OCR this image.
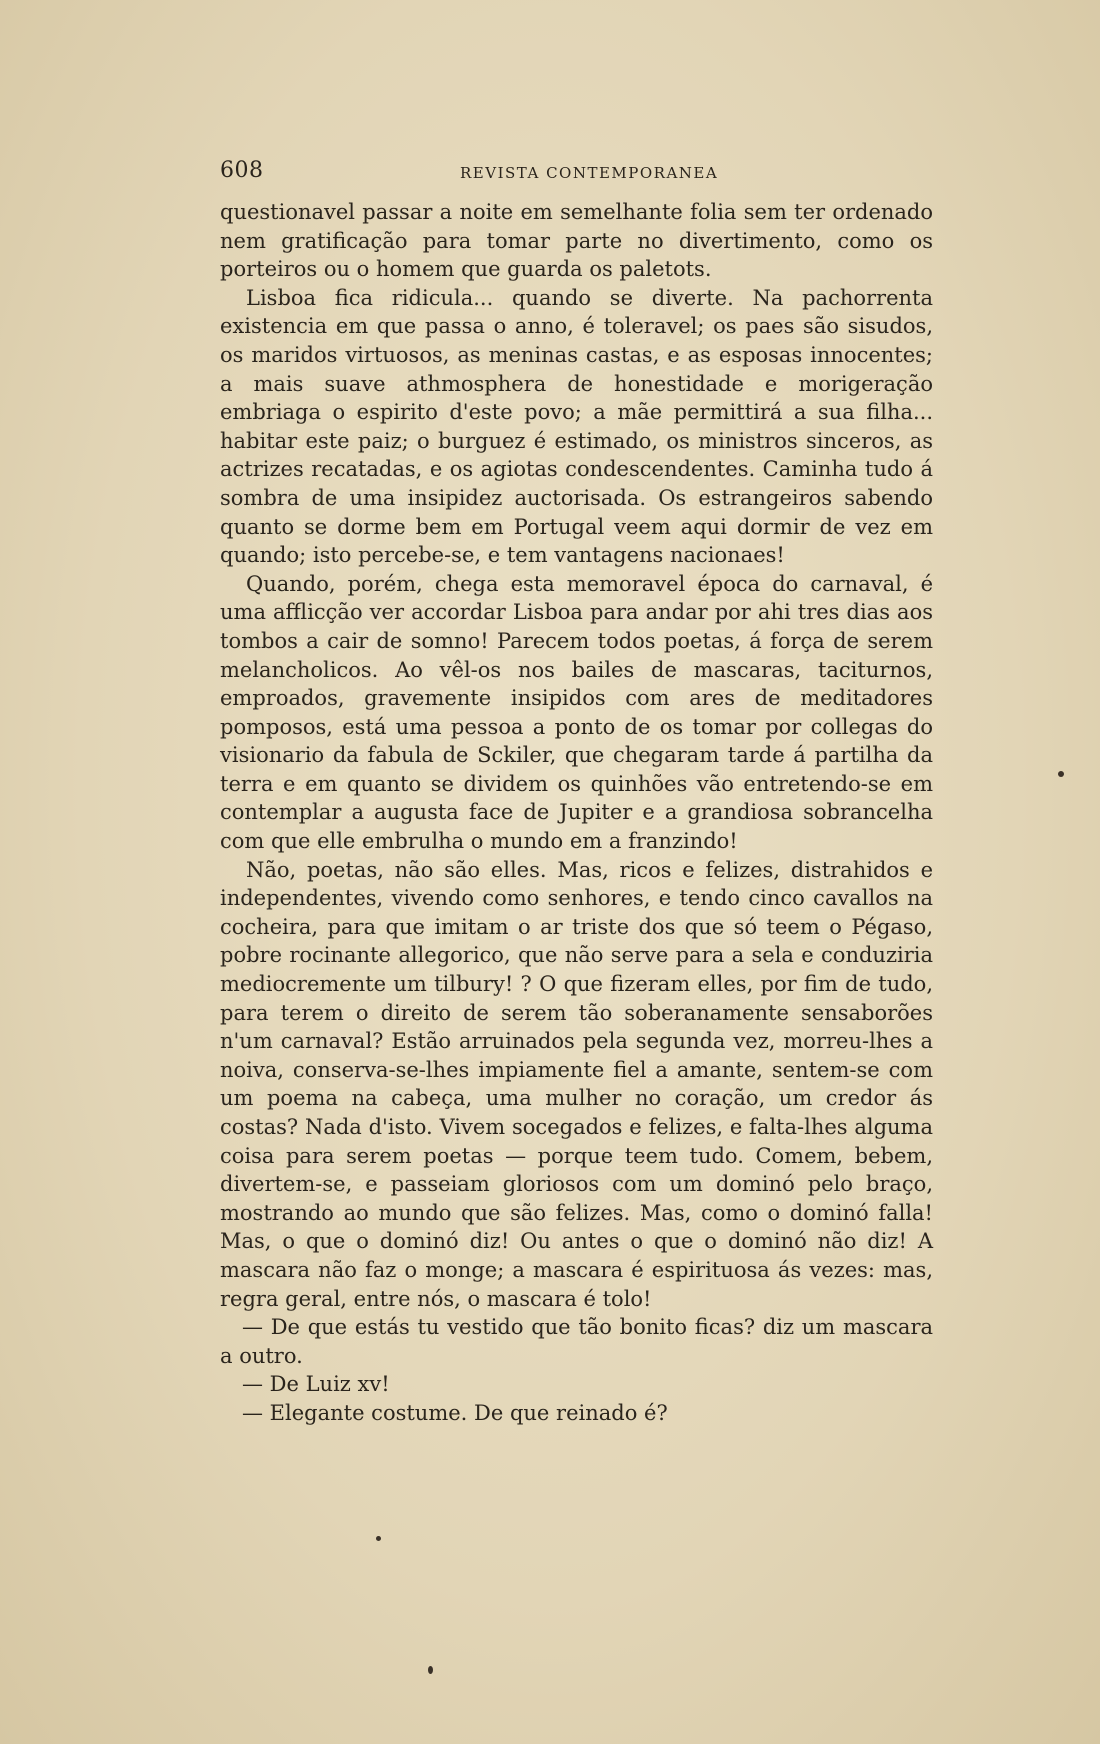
608	REVISTA CONTEMPORANEA

questionavel passar a noite em semelhante folia sem ter ordenado nem gratificação para tomar parte no divertimento, como os porteiros ou o homem que guarda os paletots.

Lisboa fica ridicula... quando se diverte. Na pachorrenta existencia em que passa o anno, é toleravel; os paes são sisudos, os maridos virtuosos, as meninas castas, e as esposas innocentes; a mais suave athmosphera de honestidade e morigeração embriaga o espirito d'este povo; a mãe permittirá a sua filha... habitar este paiz; o burguez é estimado, os ministros sinceros, as actrizes recatadas, e os agiotas condescendentes. Caminha tudo á sombra de uma insipidez auctorisada. Os estrangeiros sabendo quanto se dorme bem em Portugal veem aqui dormir de vez em quando; isto percebe-se, e tem vantagens nacionaes!

Quando, porém, chega esta memoravel época do carnaval, é uma afflicção ver accordar Lisboa para andar por ahi tres dias aos tombos a cair de somno! Parecem todos poetas, á força de serem melancholicos. Ao vêl-os nos bailes de mascaras, taciturnos, emproados, gravemente insipidos com ares de meditadores pomposos, está uma pessoa a ponto de os tomar por collegas do visionario da fabula de Sckiler, que chegaram tarde á partilha da terra e em quanto se dividem os quinhões vão entretendo-se em contemplar a augusta face de Jupiter e a grandiosa sobrancelha com que elle embrulha o mundo em a franzindo!

Não, poetas, não são elles. Mas, ricos e felizes, distrahidos e independentes, vivendo como senhores, e tendo cinco cavallos na cocheira, para que imitam o ar triste dos que só teem o Pégaso, pobre rocinante allegorico, que não serve para a sela e conduziria mediocremente um tilbury! ? O que fizeram elles, por fim de tudo, para terem o direito de serem tão soberanamente sensaborões n'um carnaval? Estão arruinados pela segunda vez, morreu-lhes a noiva, conserva-se-lhes impiamente fiel a amante, sentem-se com um poema na cabeça, uma mulher no coração, um credor ás costas? Nada d'isto. Vivem socegados e felizes, e falta-lhes alguma coisa para serem poetas — porque teem tudo. Comem, bebem, divertem-se, e passeiam gloriosos com um dominó pelo braço, mostrando ao mundo que são felizes. Mas, como o dominó falla! Mas, o que o dominó diz! Ou antes o que o dominó não diz! A mascara não faz o monge; a mascara é espirituosa ás vezes: mas, regra geral, entre nós, o mascara é tolo!

— De que estás tu vestido que tão bonito ficas? diz um mascara a outro.

— De Luiz xv!

— Elegante costume. De que reinado é?
